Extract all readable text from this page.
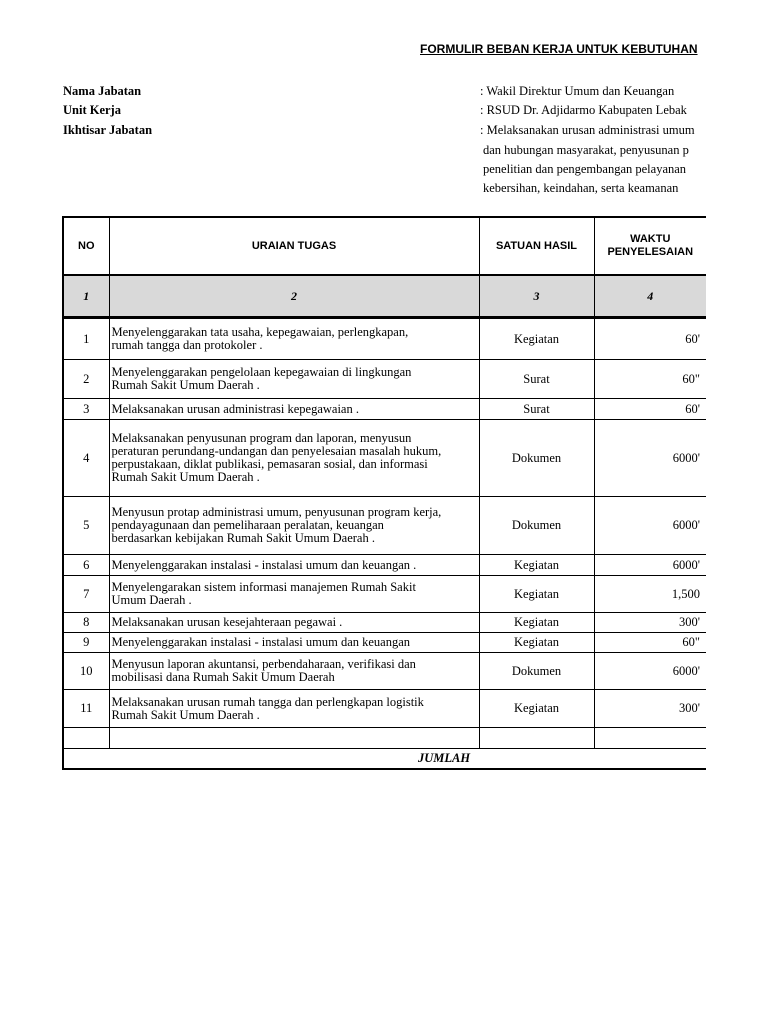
FORMULIR BEBAN KERJA UNTUK KEBUTUHAN
Nama Jabatan	: Wakil Direktur Umum dan Keuangan
Unit Kerja	: RSUD Dr. Adjidarmo Kabupaten Lebak
Ikhtisar Jabatan	: Melaksanakan urusan administrasi umum
dan hubungan masyarakat, penyusunan p
penelitian dan pengembangan pelayanan
kebersihan, keindahan, serta keamanan
NO	URAIAN TUGAS	SATUAN HASIL	WAKTU
PENYELESAIAN

1	2	3	4

1	Menyelenggarakan tata usaha, kepegawaian, perlengkapan,
rumah tangga dan protokoler .	Kegiatan	60'
2	Menyelenggarakan pengelolaan kepegawaian di lingkungan
Rumah Sakit Umum Daerah .	Surat	60"
3	Melaksanakan urusan administrasi kepegawaian .	Surat	60'
4	Melaksanakan penyusunan program dan laporan, menyusun
peraturan perundang-undangan dan penyelesaian masalah hukum,
perpustakaan, diklat publikasi, pemasaran sosial, dan informasi
Rumah Sakit Umum Daerah .	Dokumen	6000'
5	Menyusun protap administrasi umum, penyusunan program kerja,
pendayagunaan dan pemeliharaan peralatan, keuangan
berdasarkan kebijakan Rumah Sakit Umum Daerah .	Dokumen	6000'
6	Menyelenggarakan instalasi - instalasi umum dan keuangan .	Kegiatan	6000'
7	Menyelengarakan sistem informasi manajemen Rumah Sakit
Umum Daerah .	Kegiatan	1,500
8	Melaksanakan urusan kesejahteraan pegawai .	Kegiatan	300'
9	Menyelenggarakan instalasi - instalasi umum dan keuangan	Kegiatan	60"
10	Menyusun laporan akuntansi, perbendaharaan, verifikasi dan
mobilisasi dana Rumah Sakit Umum Daerah	Dokumen	6000'
11	Melaksanakan urusan rumah tangga dan perlengkapan logistik
Rumah Sakit Umum Daerah .	Kegiatan	300'

JUMLAH			
